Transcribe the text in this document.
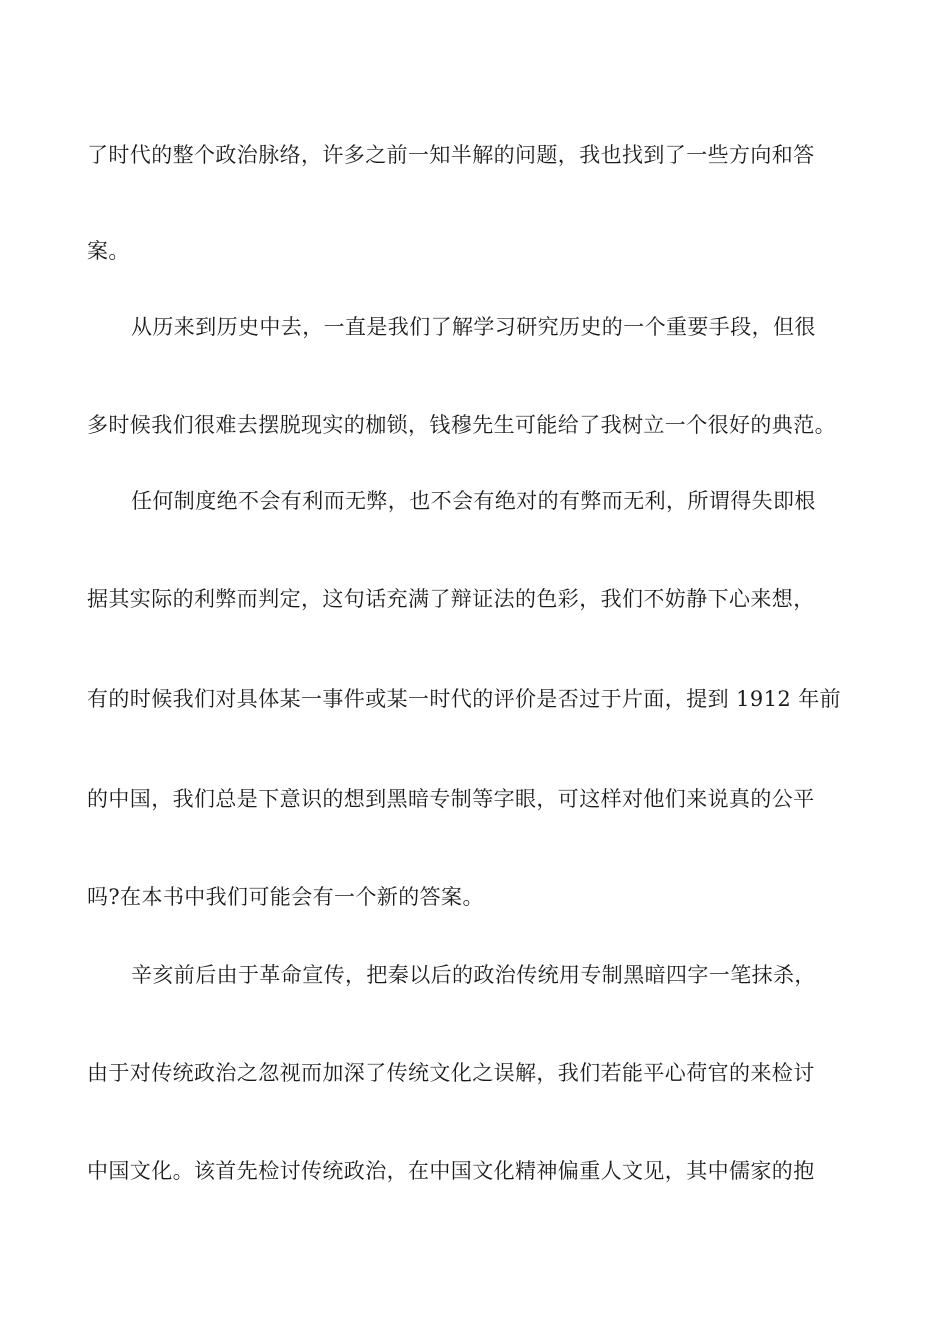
了时代的整个政治脉络，许多之前一知半解的问题，我也找到了一些方向和答
案。
从历来到历史中去，一直是我们了解学习研究历史的一个重要手段，但很
多时候我们很难去摆脱现实的枷锁，钱穆先生可能给了我树立一个很好的典范。
任何制度绝不会有利而无弊，也不会有绝对的有弊而无利，所谓得失即根
据其实际的利弊而判定，这句话充满了辩证法的色彩，我们不妨静下心来想，
有的时候我们对具体某一事件或某一时代的评价是否过于片面，提到 1912 年前
的中国，我们总是下意识的想到黑暗专制等字眼，可这样对他们来说真的公平
吗?在本书中我们可能会有一个新的答案。
辛亥前后由于革命宣传，把秦以后的政治传统用专制黑暗四字一笔抹杀，
由于对传统政治之忽视而加深了传统文化之误解，我们若能平心荷官的来检讨
中国文化。该首先检讨传统政治，在中国文化精神偏重人文见，其中儒家的抱
